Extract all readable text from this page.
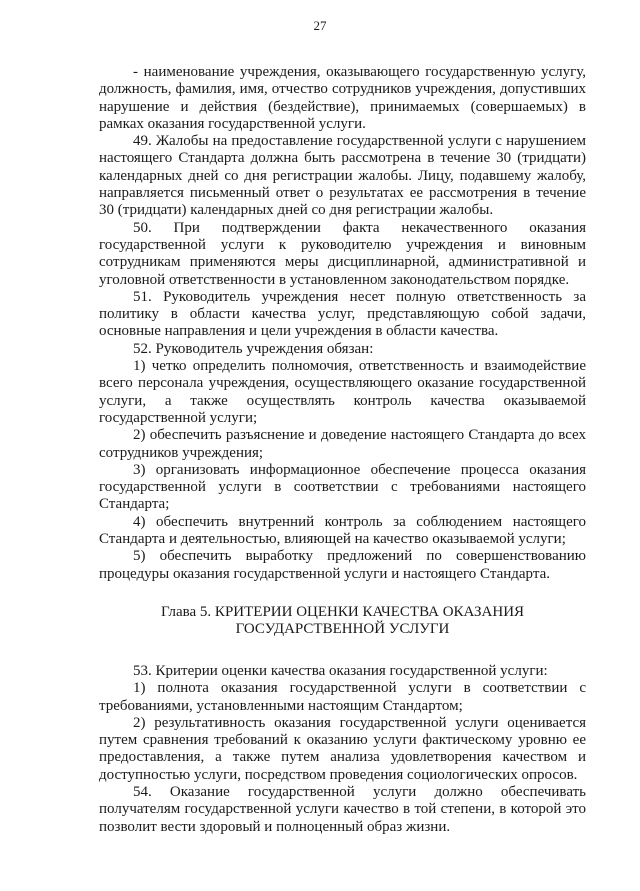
27

- наименование учреждения, оказывающего государственную услугу, должность, фамилия, имя, отчество сотрудников учреждения, допустивших нарушение и действия (бездействие), принимаемых (совершаемых) в рамках оказания государственной услуги.

49. Жалобы на предоставление государственной услуги с нарушением настоящего Стандарта должна быть рассмотрена в течение 30 (тридцати) календарных дней со дня регистрации жалобы. Лицу, подавшему жалобу, направляется письменный ответ о результатах ее рассмотрения в течение 30 (тридцати) календарных дней со дня регистрации жалобы.

50. При подтверждении факта некачественного оказания государственной услуги к руководителю учреждения и виновным сотрудникам применяются меры дисциплинарной, административной и уголовной ответственности в установленном законодательством порядке.

51. Руководитель учреждения несет полную ответственность за политику в области качества услуг, представляющую собой задачи, основные направления и цели учреждения в области качества.

52. Руководитель учреждения обязан:

1) четко определить полномочия, ответственность и взаимодействие всего персонала учреждения, осуществляющего оказание государственной услуги, а также осуществлять контроль качества оказываемой государственной услуги;

2) обеспечить разъяснение и доведение настоящего Стандарта до всех сотрудников учреждения;

3) организовать информационное обеспечение процесса оказания государственной услуги в соответствии с требованиями настоящего Стандарта;

4) обеспечить внутренний контроль за соблюдением настоящего Стандарта и деятельностью, влияющей на качество оказываемой услуги;

5) обеспечить выработку предложений по совершенствованию процедуры оказания государственной услуги и настоящего Стандарта.

Глава 5. КРИТЕРИИ ОЦЕНКИ КАЧЕСТВА ОКАЗАНИЯ
ГОСУДАРСТВЕННОЙ УСЛУГИ

53. Критерии оценки качества оказания государственной услуги:

1) полнота оказания государственной услуги в соответствии с требованиями, установленными настоящим Стандартом;

2) результативность оказания государственной услуги оценивается путем сравнения требований к оказанию услуги фактическому уровню ее предоставления, а также путем анализа удовлетворения качеством и доступностью услуги, посредством проведения социологических опросов.

54. Оказание государственной услуги должно обеспечивать получателям государственной услуги качество в той степени, в которой это позволит вести здоровый и полноценный образ жизни.
